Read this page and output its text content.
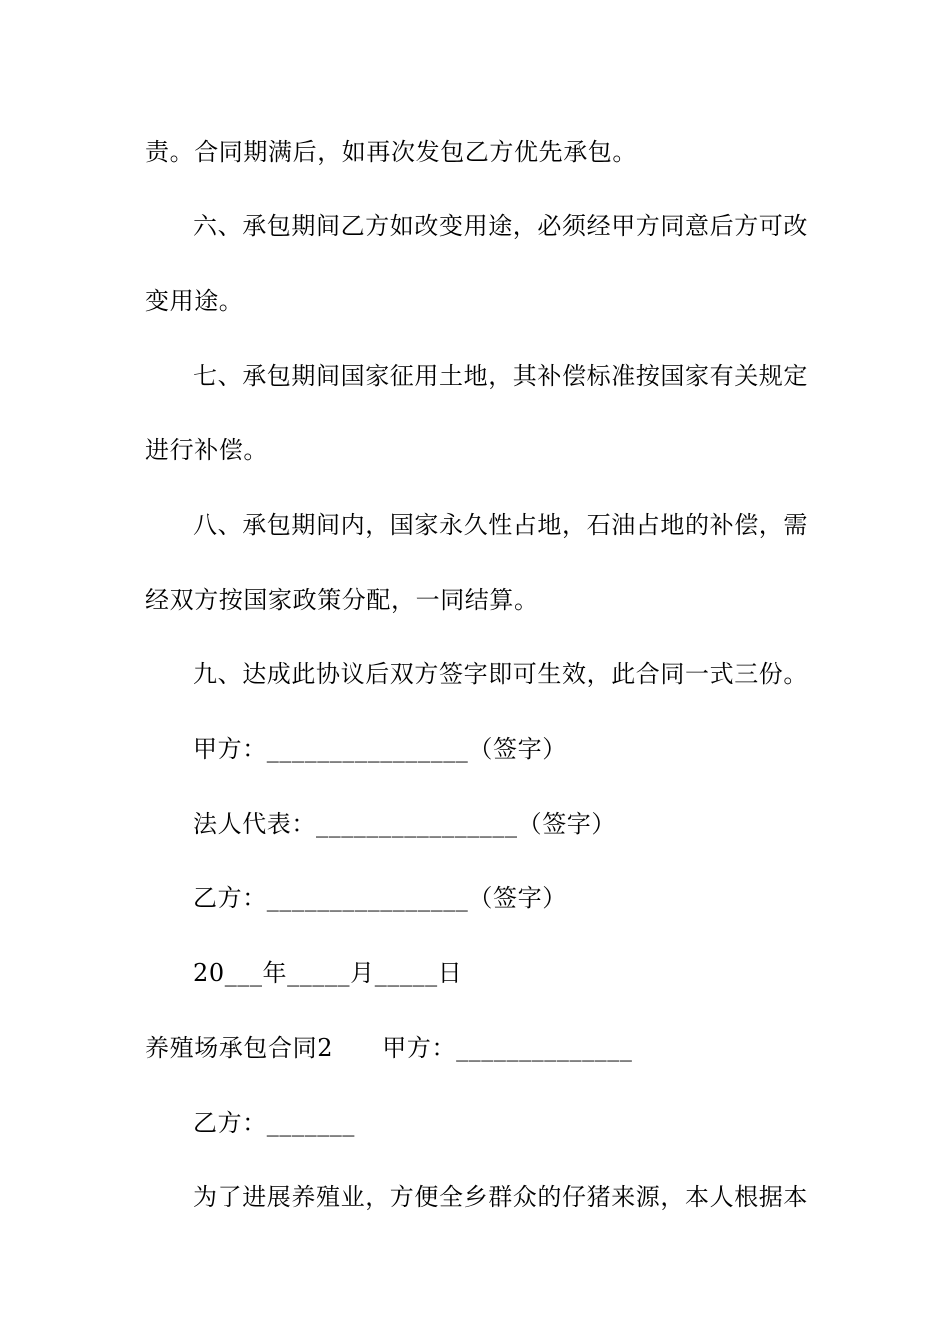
责。合同期满后，如再次发包乙方优先承包。
六、承包期间乙方如改变用途，必须经甲方同意后方可改
变用途。
七、承包期间国家征用土地，其补偿标准按国家有关规定
进行补偿。
八、承包期间内，国家永久性占地，石油占地的补偿，需
经双方按国家政策分配，一同结算。
九、达成此协议后双方签字即可生效，此合同一式三份。
甲方：________________（签字）
法人代表：________________（签字）
乙方：________________（签字）
20___年_____月_____日
养殖场承包合同2　　甲方：______________
乙方：_______
为了进展养殖业，方便全乡群众的仔猪来源，本人根据本
